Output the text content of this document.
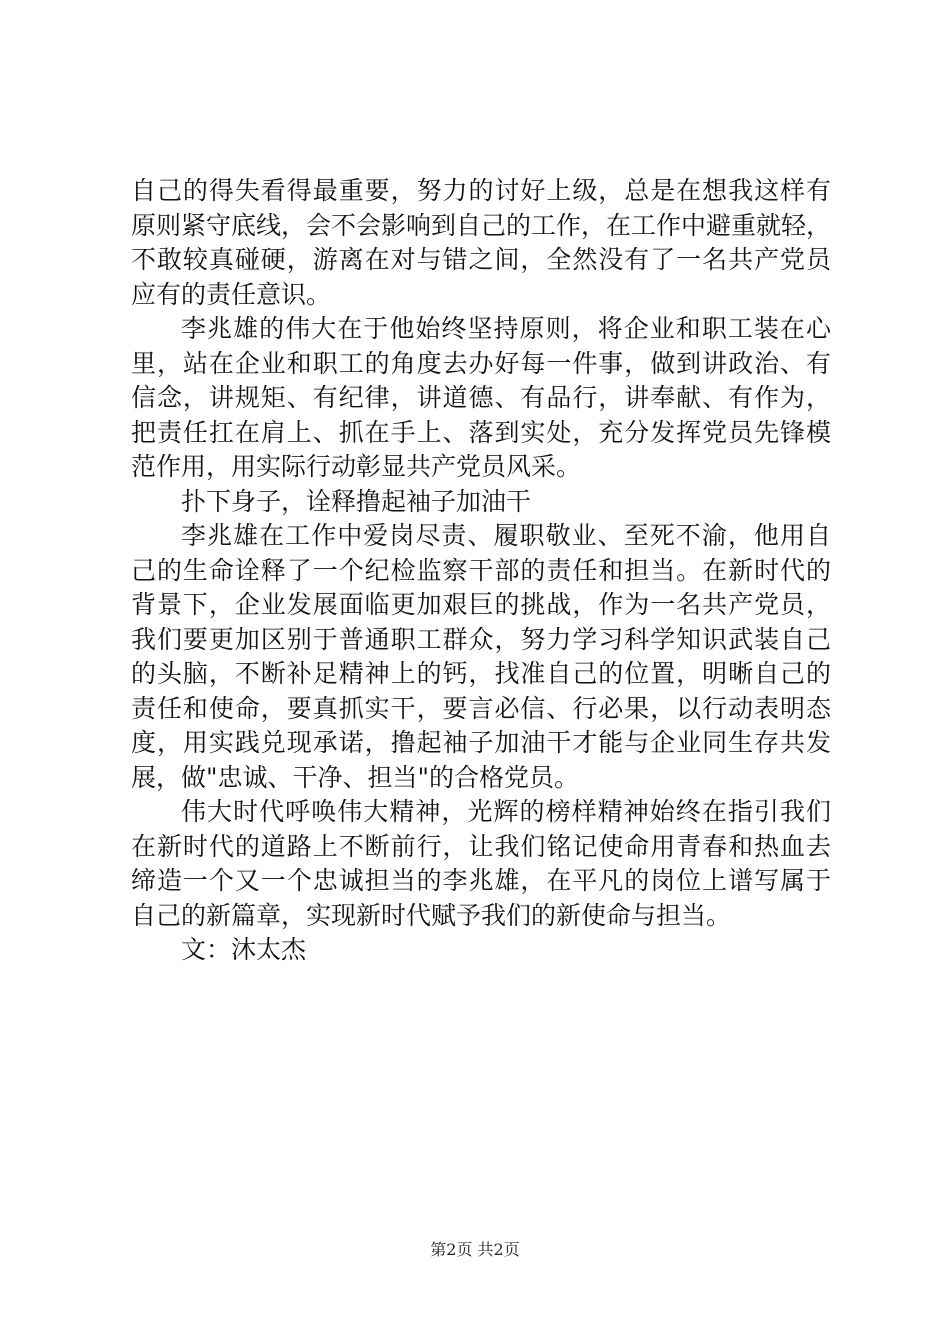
自己的得失看得最重要，努力的讨好上级，总是在想我这样有
原则紧守底线，会不会影响到自己的工作，在工作中避重就轻，
不敢较真碰硬，游离在对与错之间，全然没有了一名共产党员
应有的责任意识。
李兆雄的伟大在于他始终坚持原则，将企业和职工装在心
里，站在企业和职工的角度去办好每一件事，做到讲政治、有
信念，讲规矩、有纪律，讲道德、有品行，讲奉献、有作为，
把责任扛在肩上、抓在手上、落到实处，充分发挥党员先锋模
范作用，用实际行动彰显共产党员风采。
扑下身子，诠释撸起袖子加油干
李兆雄在工作中爱岗尽责、履职敬业、至死不渝，他用自
己的生命诠释了一个纪检监察干部的责任和担当。在新时代的
背景下，企业发展面临更加艰巨的挑战，作为一名共产党员，
我们要更加区别于普通职工群众，努力学习科学知识武装自己
的头脑，不断补足精神上的钙，找准自己的位置，明晰自己的
责任和使命，要真抓实干，要言必信、行必果，以行动表明态
度，用实践兑现承诺，撸起袖子加油干才能与企业同生存共发
展，做"忠诚、干净、担当"的合格党员。
伟大时代呼唤伟大精神，光辉的榜样精神始终在指引我们
在新时代的道路上不断前行，让我们铭记使命用青春和热血去
缔造一个又一个忠诚担当的李兆雄，在平凡的岗位上谱写属于
自己的新篇章，实现新时代赋予我们的新使命与担当。
文：沐太杰
第2页 共2页
